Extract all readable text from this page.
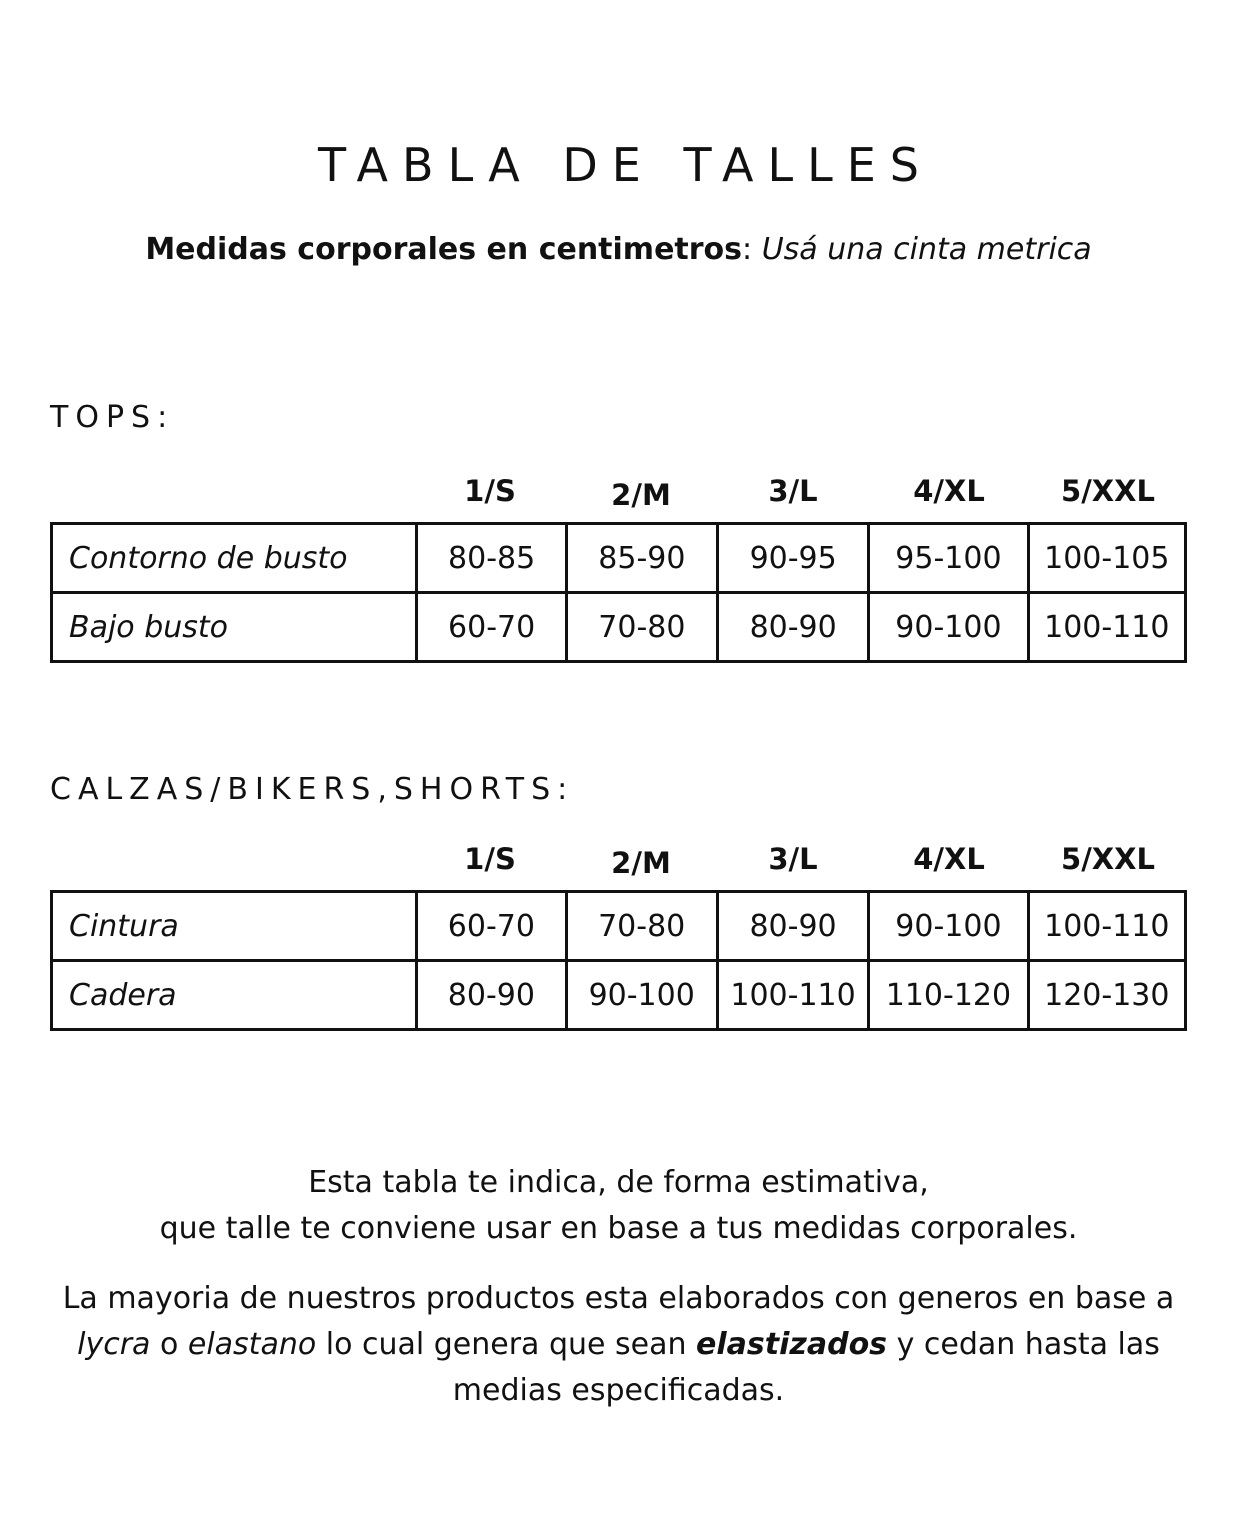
TABLA DE TALLES

Medidas corporales en centimetros: Usá una cinta metrica

TOPS:

1/S	2/M	3/L	4/XL	5/XXL
Contorno de busto	80-85	85-90	90-95	95-100	100-105
Bajo busto	60-70	70-80	80-90	90-100	100-110

CALZAS/BIKERS,SHORTS:

1/S	2/M	3/L	4/XL	5/XXL
Cintura	60-70	70-80	80-90	90-100	100-110
Cadera	80-90	90-100	100-110	110-120	120-130

Esta tabla te indica, de forma estimativa,
que talle te conviene usar en base a tus medidas corporales.

La mayoria de nuestros productos esta elaborados con generos en base a lycra o elastano lo cual genera que sean elastizados y cedan hasta las medias especificadas.
